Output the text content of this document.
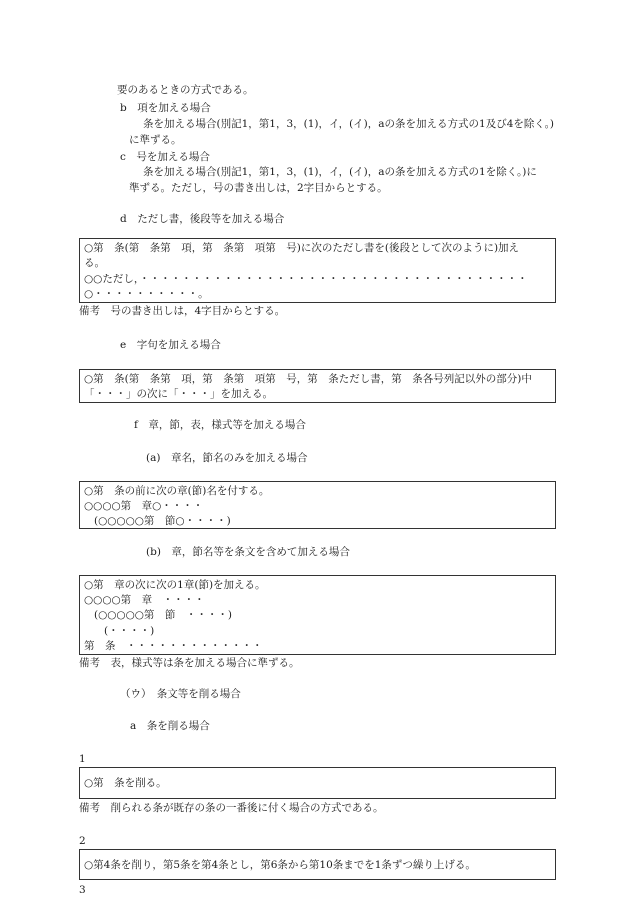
要のあるときの方式である。
b　項を加える場合
条を加える場合(別記1，第1，3，(1)，イ，(イ)，aの条を加える方式の1及び4を除く。)
に準ずる。
c　号を加える場合
条を加える場合(別記1，第1，3，(1)，イ，(イ)，aの条を加える方式の1を除く。)に
準ずる。ただし，号の書き出しは，2字目からとする。
d　ただし書，後段等を加える場合
○第　条(第　条第　項，第　条第　項第　号)に次のただし書を(後段として次のように)加え
る。
○○ただし，・・・・・・・・・・・・・・・・・・・・・・・・・・・・・・・・・・・・・
○・・・・・・・・・・。
備考　号の書き出しは，4字目からとする。
e　字句を加える場合
○第　条(第　条第　項，第　条第　項第　号，第　条ただし書，第　条各号列記以外の部分)中
「・・・」の次に「・・・」を加える。
f　章，節，表，様式等を加える場合
(a)　章名，節名のみを加える場合
○第　条の前に次の章(節)名を付する。
○○○○第　章○・・・・
(○○○○○第　節○・・・・)
(b)　章，節名等を条文を含めて加える場合
○第　章の次に次の1章(節)を加える。
○○○○第　章　・・・・
(○○○○○第　節　・・・・)
(・・・・)
第　条　・・・・・・・・・・・・・
備考　表，様式等は条を加える場合に準ずる。
（ウ）　条文等を削る場合
a　条を削る場合
1
○第　条を削る。
備考　削られる条が既存の条の一番後に付く場合の方式である。
2
○第4条を削り，第5条を第4条とし，第6条から第10条までを1条ずつ繰り上げる。
3
